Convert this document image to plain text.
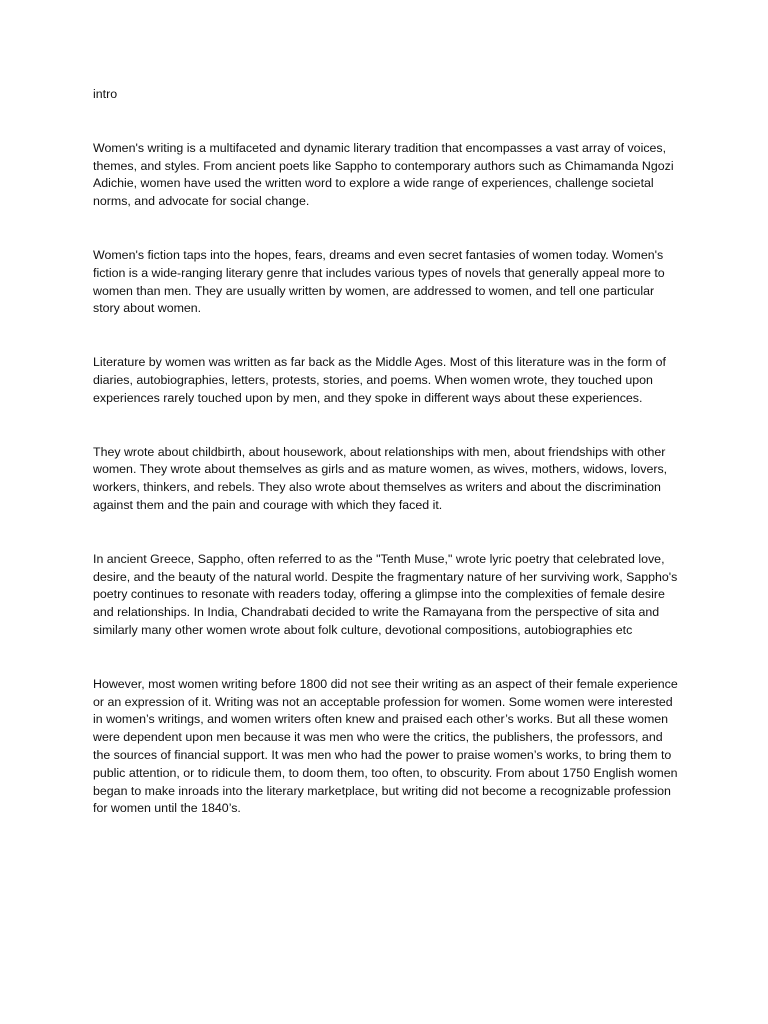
intro

Women's writing is a multifaceted and dynamic literary tradition that encompasses a vast array of voices, themes, and styles. From ancient poets like Sappho to contemporary authors such as Chimamanda Ngozi Adichie, women have used the written word to explore a wide range of experiences, challenge societal norms, and advocate for social change.

Women's fiction taps into the hopes, fears, dreams and even secret fantasies of women today. Women's fiction is a wide-ranging literary genre that includes various types of novels that generally appeal more to women than men. They are usually written by women, are addressed to women, and tell one particular story about women.

Literature by women was written as far back as the Middle Ages. Most of this literature was in the form of diaries, autobiographies, letters, protests, stories, and poems. When women wrote, they touched upon experiences rarely touched upon by men, and they spoke in different ways about these experiences.

They wrote about childbirth, about housework, about relationships with men, about friendships with other women. They wrote about themselves as girls and as mature women, as wives, mothers, widows, lovers, workers, thinkers, and rebels. They also wrote about themselves as writers and about the discrimination against them and the pain and courage with which they faced it.

In ancient Greece, Sappho, often referred to as the "Tenth Muse," wrote lyric poetry that celebrated love, desire, and the beauty of the natural world. Despite the fragmentary nature of her surviving work, Sappho's poetry continues to resonate with readers today, offering a glimpse into the complexities of female desire and relationships. In India, Chandrabati decided to write the Ramayana from the perspective of sita and similarly many other women wrote about folk culture, devotional compositions, autobiographies etc

However, most women writing before 1800 did not see their writing as an aspect of their female experience or an expression of it. Writing was not an acceptable profession for women. Some women were interested in women’s writings, and women writers often knew and praised each other’s works. But all these women were dependent upon men because it was men who were the critics, the publishers, the professors, and the sources of financial support. It was men who had the power to praise women’s works, to bring them to public attention, or to ridicule them, to doom them, too often, to obscurity. From about 1750 English women began to make inroads into the literary marketplace, but writing did not become a recognizable profession for women until the 1840’s.
